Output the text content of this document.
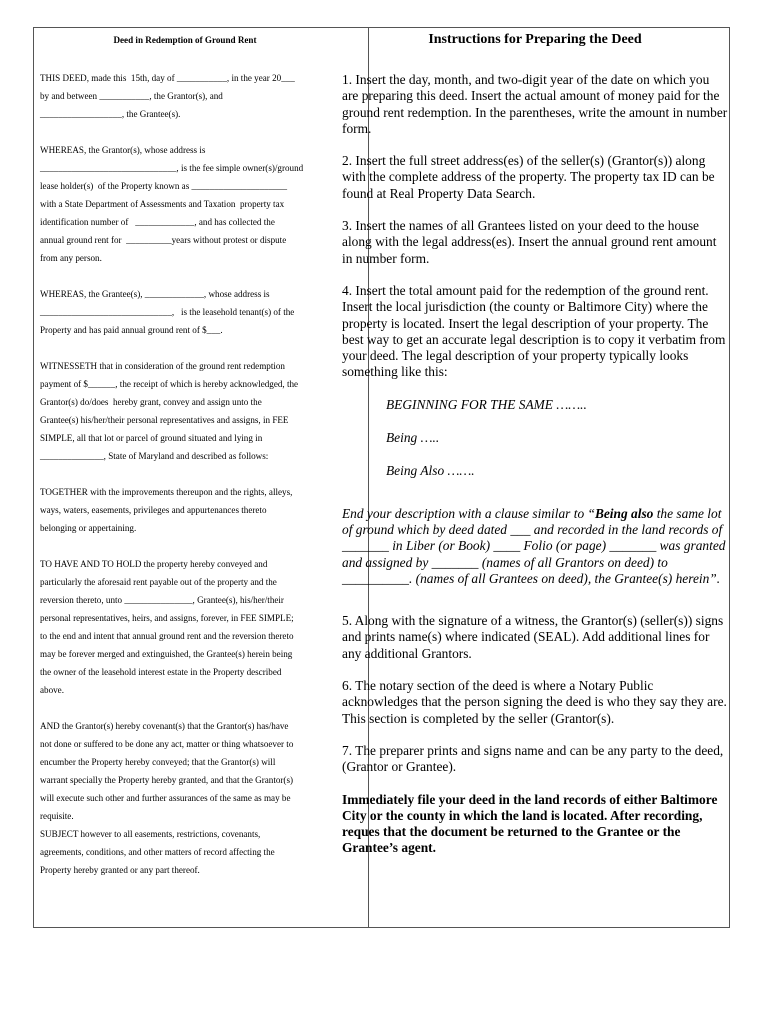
Deed in Redemption of Ground Rent

THIS DEED, made this  15th, day of ___________, in the year 20___

by and between ___________, the Grantor(s), and

__________________, the Grantee(s).

WHEREAS, the Grantor(s), whose address is

______________________________, is the fee simple owner(s)/ground

lease holder(s)  of the Property known as _____________________

with a State Department of Assessments and Taxation  property tax

identification number of   _____________, and has collected the

annual ground rent for  __________years without protest or dispute

from any person.

WHEREAS, the Grantee(s), _____________, whose address is

_____________________________,   is the leasehold tenant(s) of the

Property and has paid annual ground rent of $___.

WITNESSETH that in consideration of the ground rent redemption

payment of $______, the receipt of which is hereby acknowledged, the

Grantor(s) do/does  hereby grant, convey and assign unto the

Grantee(s) his/her/their personal representatives and assigns, in FEE

SIMPLE, all that lot or parcel of ground situated and lying in

______________, State of Maryland and described as follows:

TOGETHER with the improvements thereupon and the rights, alleys,

ways, waters, easements, privileges and appurtenances thereto

belonging or appertaining.

TO HAVE AND TO HOLD the property hereby conveyed and

particularly the aforesaid rent payable out of the property and the

reversion thereto, unto _______________, Grantee(s), his/her/their

personal representatives, heirs, and assigns, forever, in FEE SIMPLE;

to the end and intent that annual ground rent and the reversion thereto

may be forever merged and extinguished, the Grantee(s) herein being

the owner of the leasehold interest estate in the Property described

above.

AND the Grantor(s) hereby covenant(s) that the Grantor(s) has/have

not done or suffered to be done any act, matter or thing whatsoever to

encumber the Property hereby conveyed; that the Grantor(s) will

warrant specially the Property hereby granted, and that the Grantor(s)

will execute such other and further assurances of the same as may be

requisite.

SUBJECT however to all easements, restrictions, covenants,

agreements, conditions, and other matters of record affecting the

Property hereby granted or any part thereof.

Instructions for Preparing the Deed

1. Insert the day, month, and two-digit year of the date on which you are preparing this deed. Insert the actual amount of money paid for the ground rent redemption. In the parentheses, write the amount in number form.

2. Insert the full street address(es) of the seller(s) (Grantor(s)) along with the complete address of the property. The property tax ID can be found at Real Property Data Search.

3. Insert the names of all Grantees listed on your deed to the house along with the legal address(es). Insert the annual ground rent amount in number form.

4. Insert the total amount paid for the redemption of the ground rent. Insert the local jurisdiction (the county or Baltimore City) where the property is located. Insert the legal description of your property. The best way to get an accurate legal description is to copy it verbatim from your deed. The legal description of your property typically looks something like this:

BEGINNING FOR THE SAME ……..

Being …..

Being Also …….

End your description with a clause similar to “Being also the same lot of ground which by deed dated ___ and recorded in the land records of _______ in Liber (or Book) ____ Folio (or page) _______ was granted and assigned by _______ (names of all Grantors on deed) to __________. (names of all Grantees on deed), the Grantee(s) herein”.

5. Along with the signature of a witness, the Grantor(s) (seller(s)) signs and prints name(s) where indicated (SEAL). Add additional lines for any additional Grantors.

6. The notary section of the deed is where a Notary Public acknowledges that the person signing the deed is who they say they are. This section is completed by the seller (Grantor(s).

7. The preparer prints and signs name and can be any party to the deed, (Grantor or Grantee).

Immediately file your deed in the land records of either Baltimore City or the county in which the land is located. After recording, reques that the document be returned to the Grantee or the Grantee’s agent.
